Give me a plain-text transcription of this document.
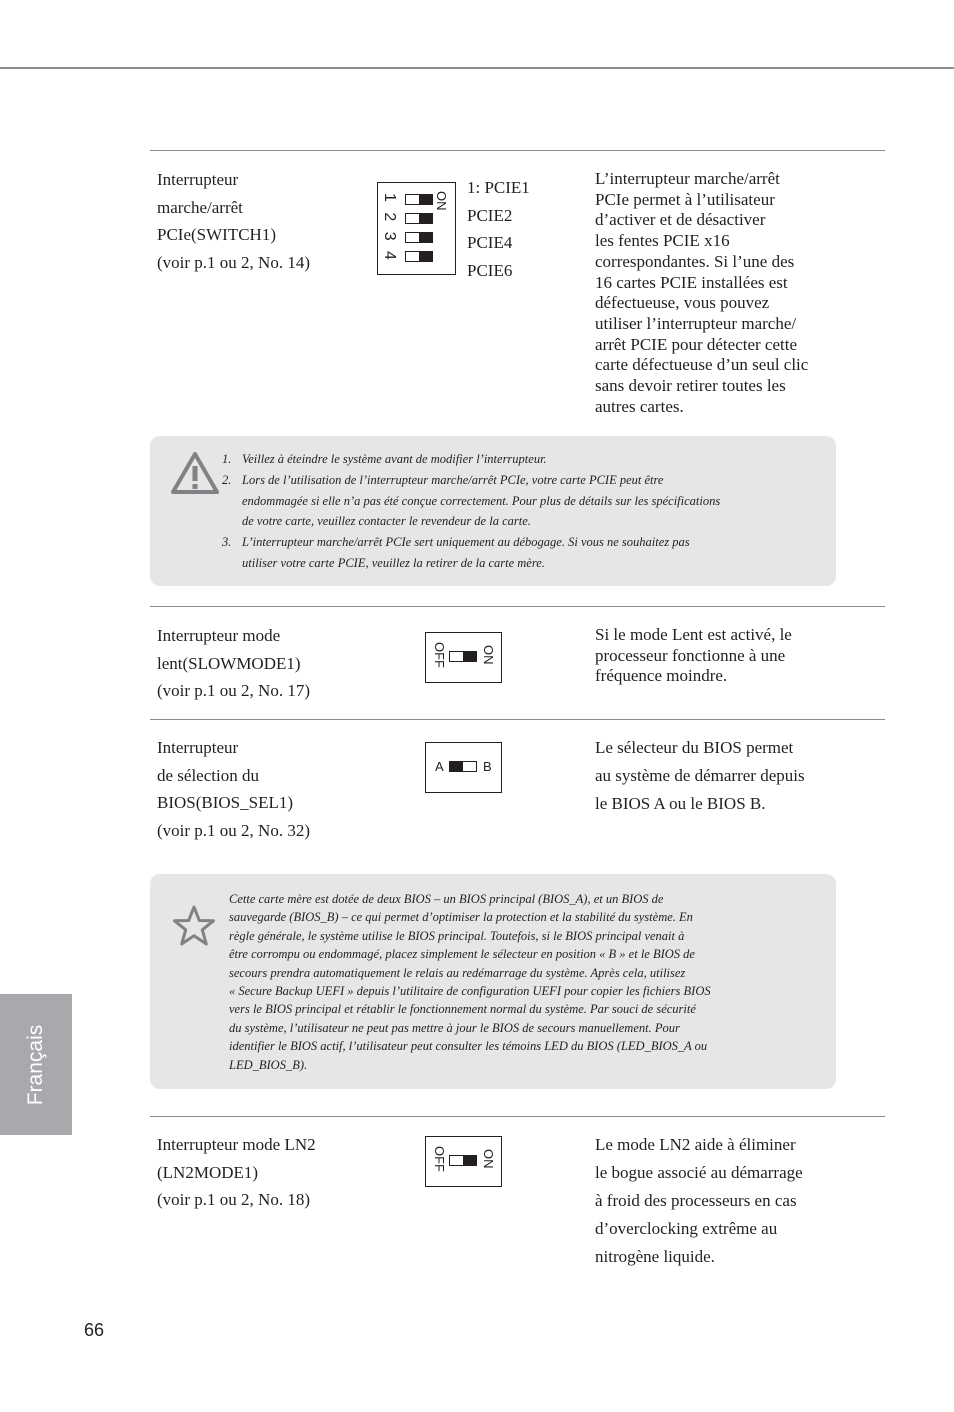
Interrupteur
marche/arrêt
PCIe(SWITCH1)
(voir p.1 ou 2, No. 14)
ON
1 2 3 4
1: PCIE1
PCIE2
PCIE4
PCIE6
L’interrupteur marche/arrêt
PCIe permet à l’utilisateur
d’activer et de désactiver
les fentes PCIE x16
correspondantes. Si l’une des
16 cartes PCIE installées est
défectueuse, vous pouvez
utiliser l’interrupteur marche/
arrêt PCIE pour détecter cette
carte défectueuse d’un seul clic
sans devoir retirer toutes les
autres cartes.
1. Veillez à éteindre le système avant de modifier l’interrupteur.
2. Lors de l’utilisation de l’interrupteur marche/arrêt PCIe, votre carte PCIE peut être
endommagée si elle n’a pas été conçue correctement. Pour plus de détails sur les spécifications
de votre carte, veuillez contacter le revendeur de la carte.
3. L’interrupteur marche/arrêt PCIe sert uniquement au débogage. Si vous ne souhaitez pas
utiliser votre carte PCIE, veuillez la retirer de la carte mère.
Interrupteur mode
lent(SLOWMODE1)
(voir p.1 ou 2, No. 17)
OFF	ON
Si le mode Lent est activé, le
processeur fonctionne à une
fréquence moindre.
Interrupteur
de sélection du
BIOS(BIOS_SEL1)
(voir p.1 ou 2, No. 32)
A	B
Le sélecteur du BIOS permet
au système de démarrer depuis
le BIOS A ou le BIOS B.
Cette carte mère est dotée de deux BIOS – un BIOS principal (BIOS_A), et un BIOS de
sauvegarde (BIOS_B) – ce qui permet d’optimiser la protection et la stabilité du système. En
règle générale, le système utilise le BIOS principal. Toutefois, si le BIOS principal venait à
être corrompu ou endommagé, placez simplement le sélecteur en position « B » et le BIOS de
secours prendra automatiquement le relais au redémarrage du système. Après cela, utilisez
« Secure Backup UEFI » depuis l’utilitaire de configuration UEFI pour copier les fichiers BIOS
vers le BIOS principal et rétablir le fonctionnement normal du système. Par souci de sécurité
du système, l’utilisateur ne peut pas mettre à jour le BIOS de secours manuellement. Pour
identifier le BIOS actif, l’utilisateur peut consulter les témoins LED du BIOS (LED_BIOS_A ou
LED_BIOS_B).
Interrupteur mode LN2
(LN2MODE1)
(voir p.1 ou 2, No. 18)
OFF	ON
Le mode LN2 aide à éliminer
le bogue associé au démarrage
à froid des processeurs en cas
d’overclocking extrême au
nitrogène liquide.
Français
66
